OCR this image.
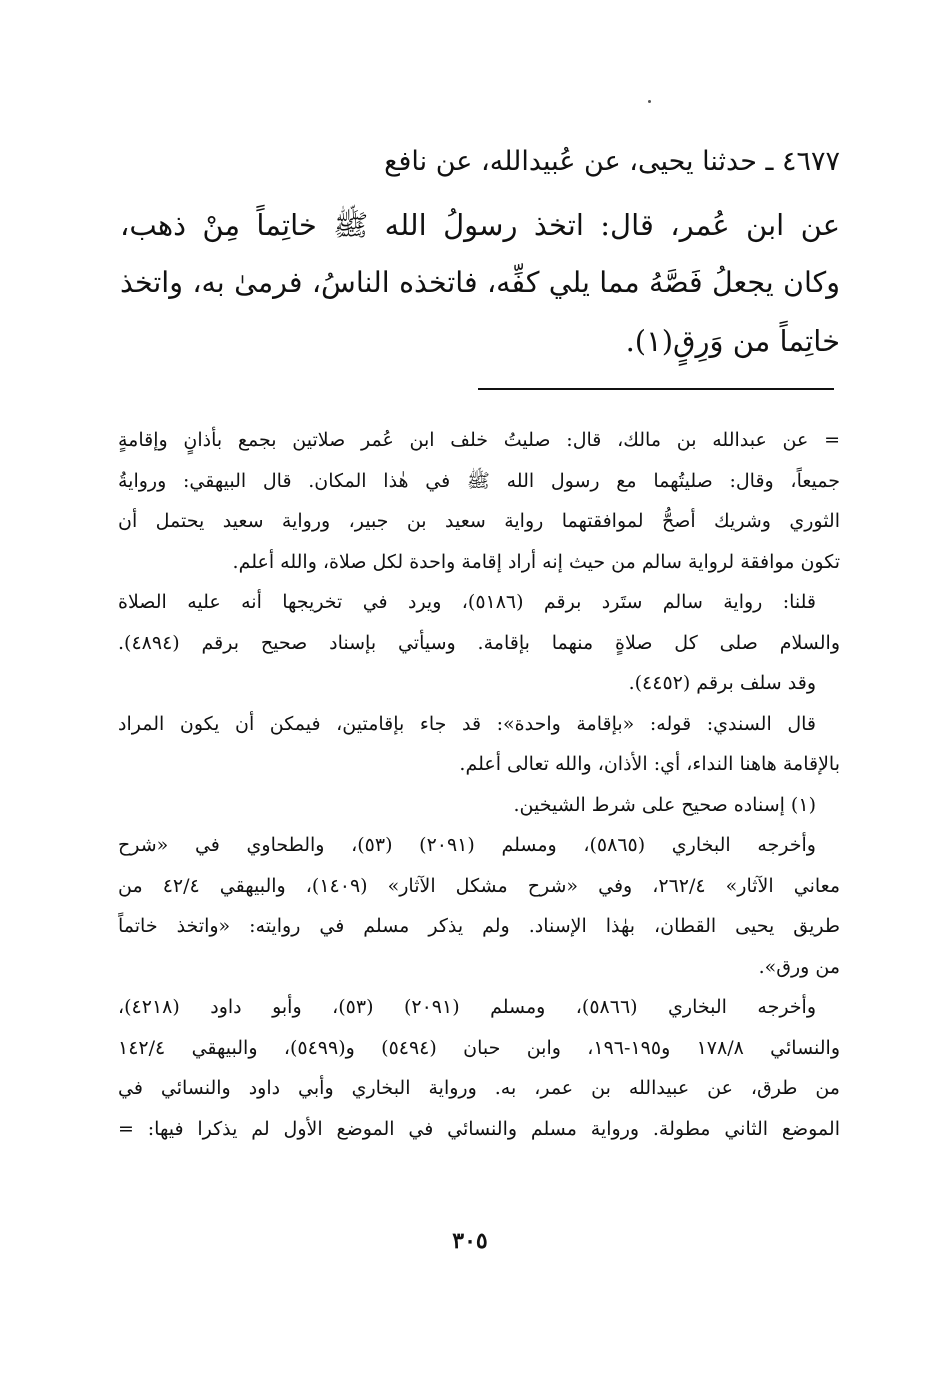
٤٦٧٧ ـ حدثنا يحيى، عن عُبيدالله، عن نافع
عن ابن عُمر، قال: اتخذ رسولُ الله ﷺ خاتِماً مِنْ ذهب،
وكان يجعلُ فَصَّهُ مما يلي كفِّه، فاتخذه الناسُ، فرمىٰ به، واتخذ
خاتِماً من وَرِقٍ(١).
= عن عبدالله بن مالك، قال: صليتُ خلف ابن عُمر صلاتين بجمع بأذانٍ وإقامةٍ
جميعاً، وقال: صليتُهما مع رسول الله ﷺ في هٰذا المكان. قال البيهقي: وروايةُ
الثوري وشريك أصحُّ لموافقتهما رواية سعيد بن جبير، ورواية سعيد يحتمل أن
تكون موافقة لرواية سالم من حيث إنه أراد إقامة واحدة لكل صلاة، والله أعلم.
قلنا: رواية سالم ستَرد برقم (٥١٨٦)، ويرد في تخريجها أنه عليه الصلاة
والسلام صلى كل صلاةٍ منهما بإقامة. وسيأتي بإسناد صحيح برقم (٤٨٩٤).
وقد سلف برقم (٤٤٥٢).
قال السندي: قوله: «بإقامة واحدة»: قد جاء بإقامتين، فيمكن أن يكون المراد
بالإقامة هاهنا النداء، أي: الأذان، والله تعالى أعلم.
(١) إسناده صحيح على شرط الشيخين.
وأخرجه البخاري (٥٨٦٥)، ومسلم (٢٠٩١) (٥٣)، والطحاوي في «شرح
معاني الآثار» ٢٦٢/٤، وفي «شرح مشكل الآثار» (١٤٠٩)، والبيهقي ٤٢/٤ من
طريق يحيى القطان، بهٰذا الإسناد. ولم يذكر مسلم في روايته: «واتخذ خاتماً
من ورق».
وأخرجه البخاري (٥٨٦٦)، ومسلم (٢٠٩١) (٥٣)، وأبو داود (٤٢١٨)،
والنسائي ١٧٨/٨ و١٩٥-١٩٦، وابن حبان (٥٤٩٤) و(٥٤٩٩)، والبيهقي ١٤٢/٤
من طرق، عن عبيدالله بن عمر، به. ورواية البخاري وأبي داود والنسائي في
الموضع الثاني مطولة. ورواية مسلم والنسائي في الموضع الأول لم يذكرا فيها: =
٣٠٥
